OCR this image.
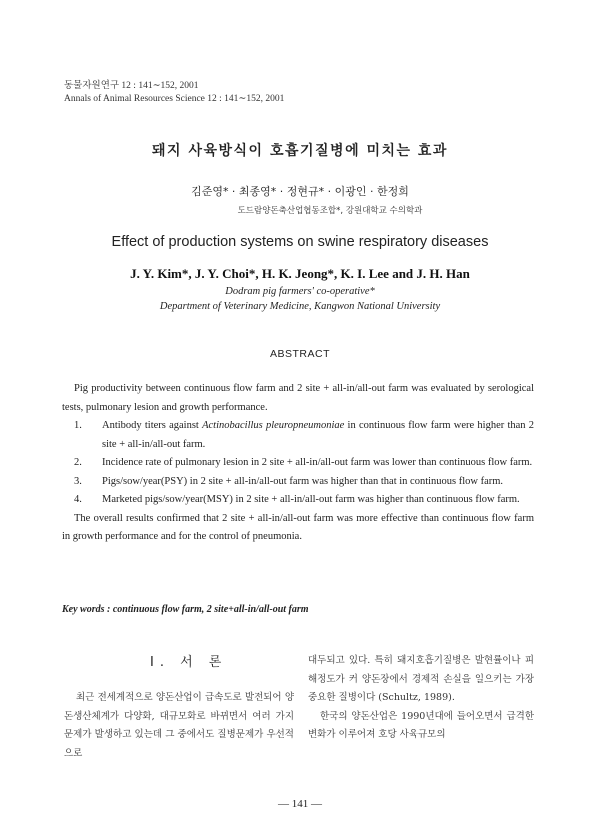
동물자원연구 12 : 141∼152, 2001
Annals of Animal Resources Science 12 : 141∼152, 2001
돼지 사육방식이 호흡기질병에 미치는 효과
김준영* · 최종영* · 정현규* · 이광인 · 한정희
도드람양돈축산업협동조합*, 강원대학교 수의학과
Effect of production systems on swine respiratory diseases
J. Y. Kim*, J. Y. Choi*, H. K. Jeong*, K. I. Lee and J. H. Han
Dodram pig farmers' co-operative*
Department of Veterinary Medicine, Kangwon National University
ABSTRACT

Pig productivity between continuous flow farm and 2 site + all-in/all-out farm was evaluated by serological tests, pulmonary lesion and growth performance.

1. Antibody titers against Actinobacillus pleuropneumoniae in continuous flow farm were higher than 2 site + all-in/all-out farm.
2. Incidence rate of pulmonary lesion in 2 site + all-in/all-out farm was lower than continuous flow farm.
3. Pigs/sow/year(PSY) in 2 site + all-in/all-out farm was higher than that in continuous flow farm.
4. Marketed pigs/sow/year(MSY) in 2 site + all-in/all-out farm was higher than continuous flow farm.

The overall results confirmed that 2 site + all-in/all-out farm was more effective than continuous flow farm in growth performance and for the control of pneumonia.

Key words : continuous flow farm, 2 site+all-in/all-out farm
Ⅰ. 서 론

최근 전세계적으로 양돈산업이 급속도로 발전되어 양돈생산체계가 다양화, 대규모화로 바뀌면서 여러 가지 문제가 발생하고 있는데 그 중에서도 질병문제가 우선적으로

대두되고 있다. 특히 돼지호흡기질병은 발현률이나 피해정도가 커 양돈장에서 경제적 손실을 일으키는 가장 중요한 질병이다 (Schultz, 1989).

한국의 양돈산업은 1990년대에 들어오면서 급격한 변화가 이루어져 호당 사육규모의

― 141 ―
